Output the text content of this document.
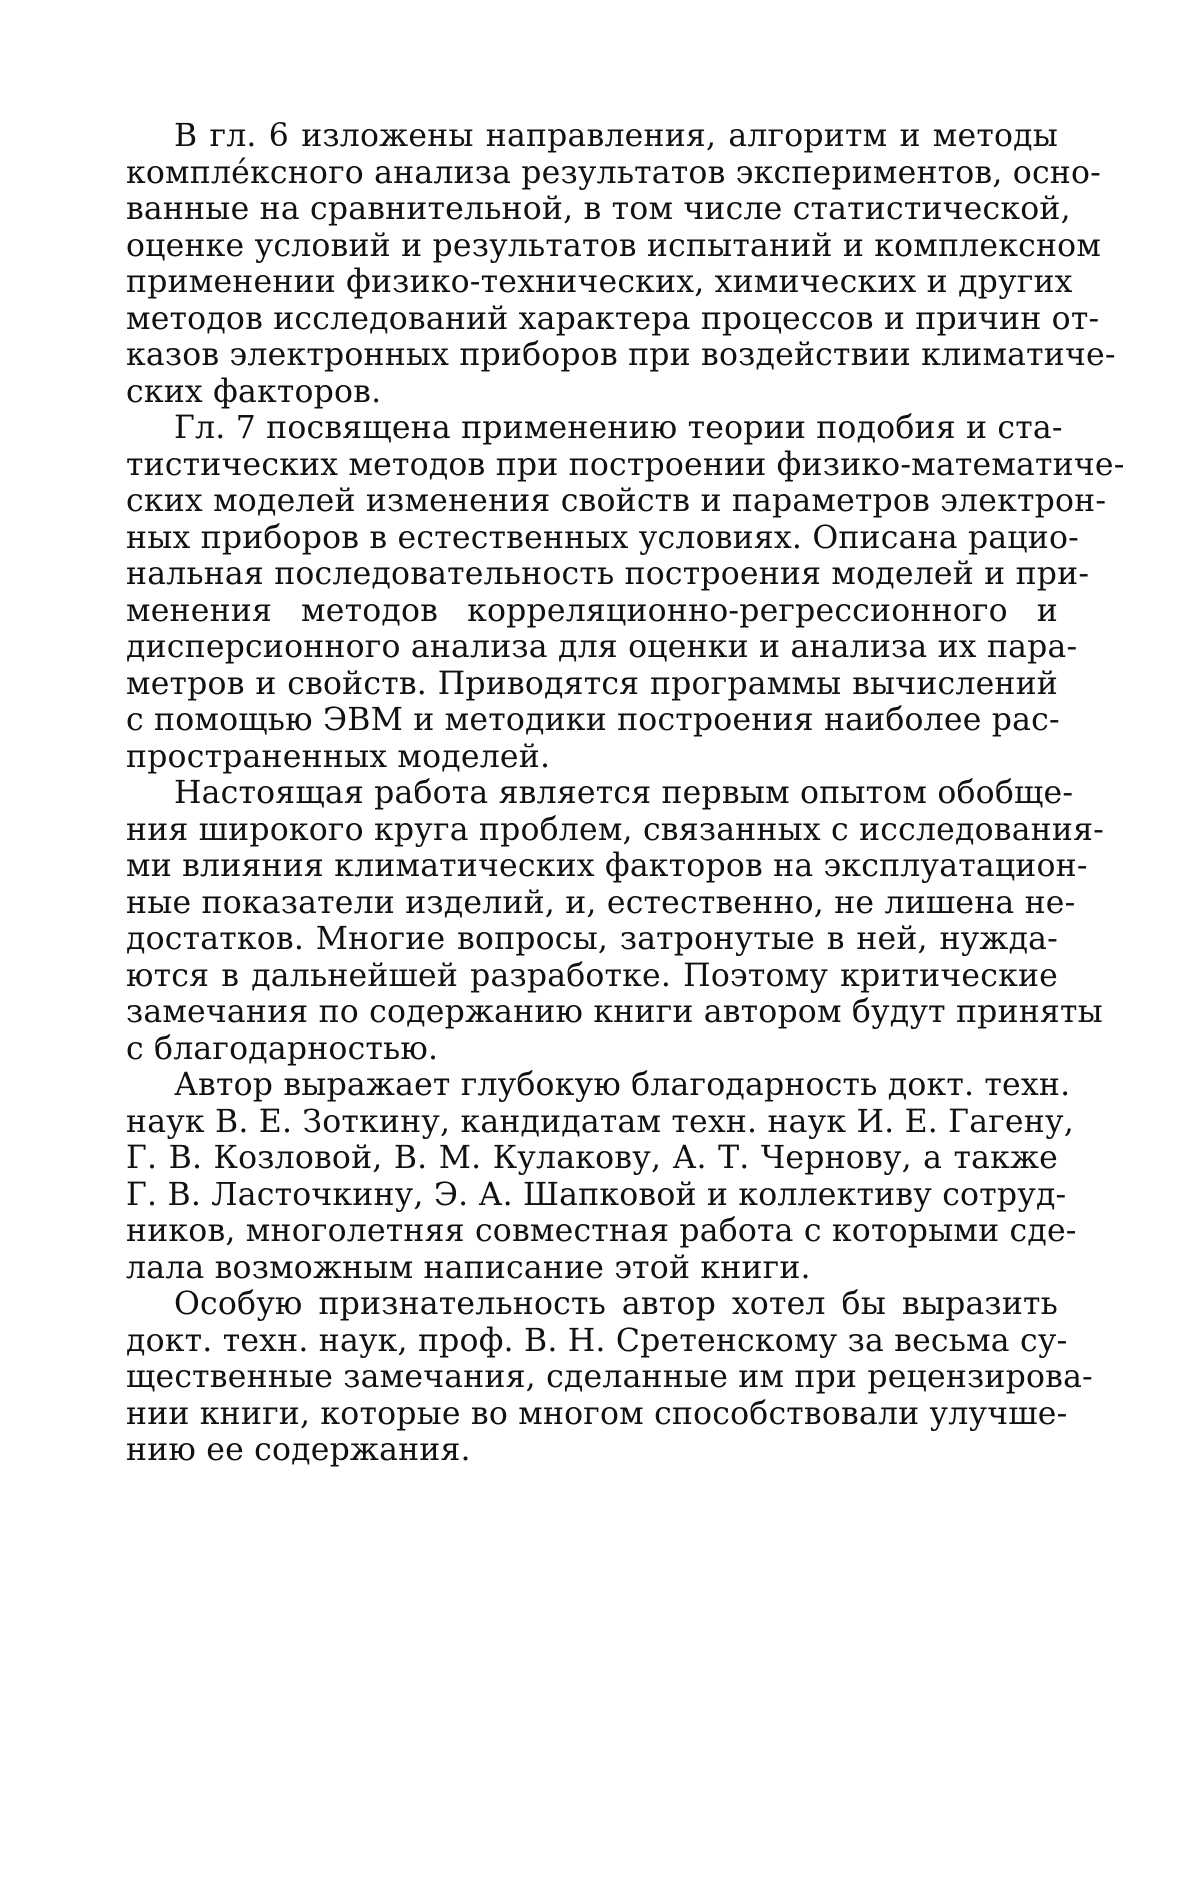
В гл. 6 изложены направления, алгоритм и методы
комплéксного анализа результатов экспериментов, осно-
ванные на сравнительной, в том числе статистической,
оценке условий и результатов испытаний и комплексном
применении физико-технических, химических и других
методов исследований характера процессов и причин от-
казов электронных приборов при воздействии климатиче-
ских факторов.
Гл. 7 посвящена применению теории подобия и ста-
тистических методов при построении физико-математиче-
ских моделей изменения свойств и параметров электрон-
ных приборов в естественных условиях. Описана рацио-
нальная последовательность построения моделей и при-
менения методов корреляционно-регрессионного и
дисперсионного анализа для оценки и анализа их пара-
метров и свойств. Приводятся программы вычислений
с помощью ЭВМ и методики построения наиболее рас-
пространенных моделей.
Настоящая работа является первым опытом обобще-
ния широкого круга проблем, связанных с исследования-
ми влияния климатических факторов на эксплуатацион-
ные показатели изделий, и, естественно, не лишена не-
достатков. Многие вопросы, затронутые в ней, нужда-
ются в дальнейшей разработке. Поэтому критические
замечания по содержанию книги автором будут приняты
с благодарностью.
Автор выражает глубокую благодарность докт. техн.
наук В. Е. Зоткину, кандидатам техн. наук И. Е. Гагену,
Г. В. Козловой, В. М. Кулакову, А. Т. Чернову, а также
Г. В. Ласточкину, Э. А. Шапковой и коллективу сотруд-
ников, многолетняя совместная работа с которыми сде-
лала возможным написание этой книги.
Особую признательность автор хотел бы выразить
докт. техн. наук, проф. В. Н. Сретенскому за весьма су-
щественные замечания, сделанные им при рецензирова-
нии книги, которые во многом способствовали улучше-
нию ее содержания.
